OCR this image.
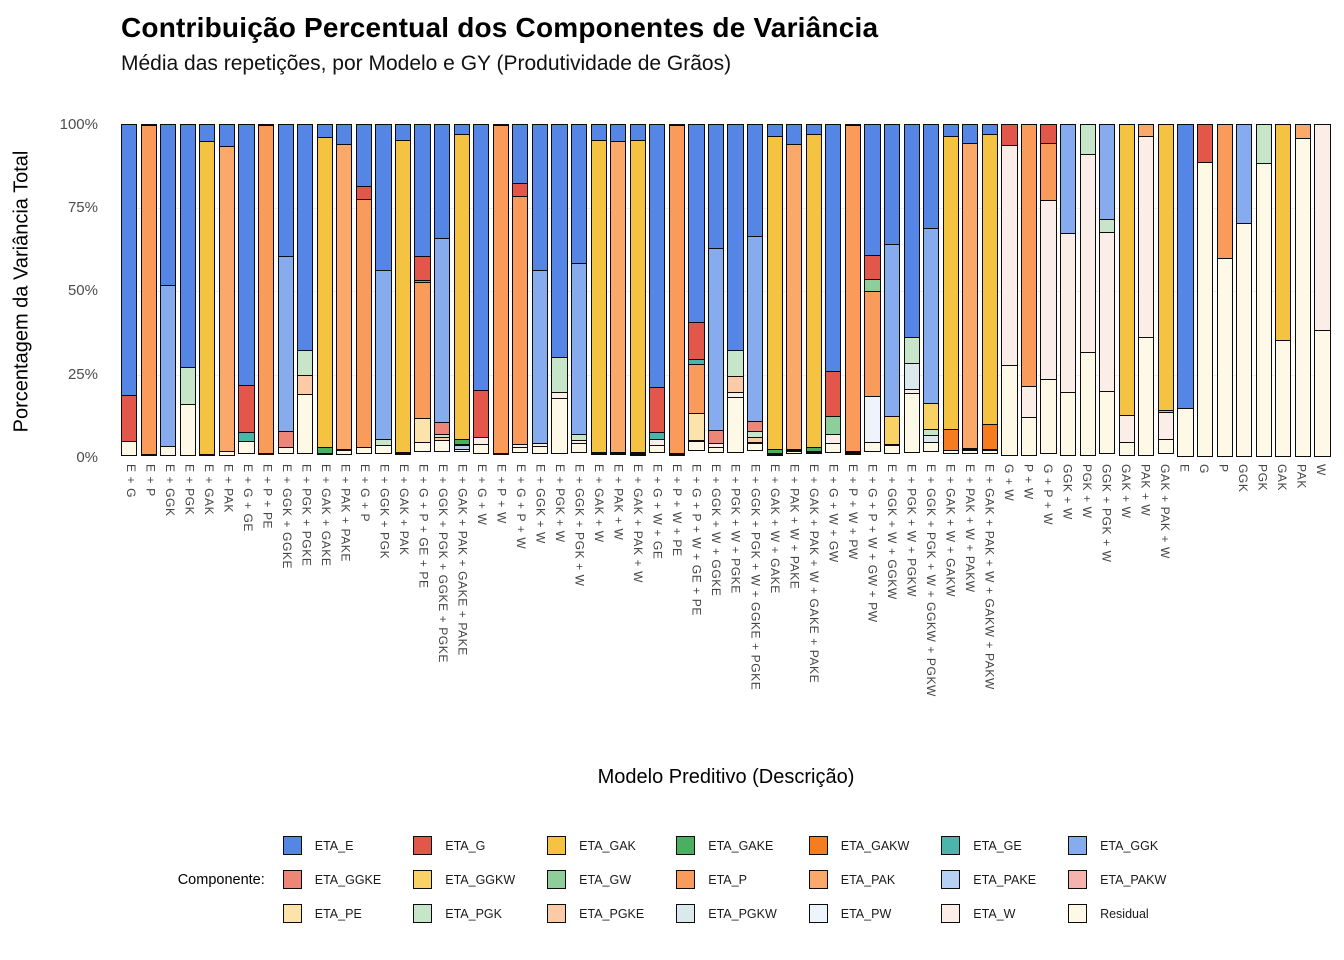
Contribuição Percentual dos Componentes de Variância
Média das repetições, por Modelo e GY (Produtividade de Grãos)
Porcentagem da Variância Total
100%
75%
50%
25%
0%
E + G E + P E + GGK E + PGK E + GAK E + PAK E + G + GE E + P + PE E + GGK + GGKE E + PGK + PGKE E + GAK + GAKE E + PAK + PAKE E + G + P E + GGK + PGK E + GAK + PAK E + G + P + GE + PE E + GGK + PGK + GGKE + PGKE E + GAK + PAK + GAKE + PAKE E + G + W E + P + W E + G + P + W E + GGK + W E + PGK + W E + GGK + PGK + W E + GAK + W E + PAK + W E + GAK + PAK + W E + G + W + GE E + P + W + PE E + G + P + W + GE + PE E + GGK + W + GGKE E + PGK + W + PGKE E + GGK + PGK + W + GGKE + PGKE E + GAK + W + GAKE E + PAK + W + PAKE E + GAK + PAK + W + GAKE + PAKE E + G + W + GW E + P + W + PW E + G + P + W + GW + PW E + GGK + W + GGKW E + PGK + W + PGKW E + GGK + PGK + W + GGKW + PGKW E + GAK + W + GAKW E + PAK + W + PAKW E + GAK + PAK + W + GAKW + PAKW G + W P + W G + P + W GGK + W PGK + W GGK + PGK + W GAK + W PAK + W GAK + PAK + W E G P GGK PGK GAK PAK W
Modelo Preditivo (Descrição)
Componente:
ETA_E	ETA_G	ETA_GAK	ETA_GAKE	ETA_GAKW	ETA_GE	ETA_GGK
ETA_GGKE	ETA_GGKW	ETA_GW	ETA_P	ETA_PAK	ETA_PAKE	ETA_PAKW
ETA_PE	ETA_PGK	ETA_PGKE	ETA_PGKW	ETA_PW	ETA_W	Residual
